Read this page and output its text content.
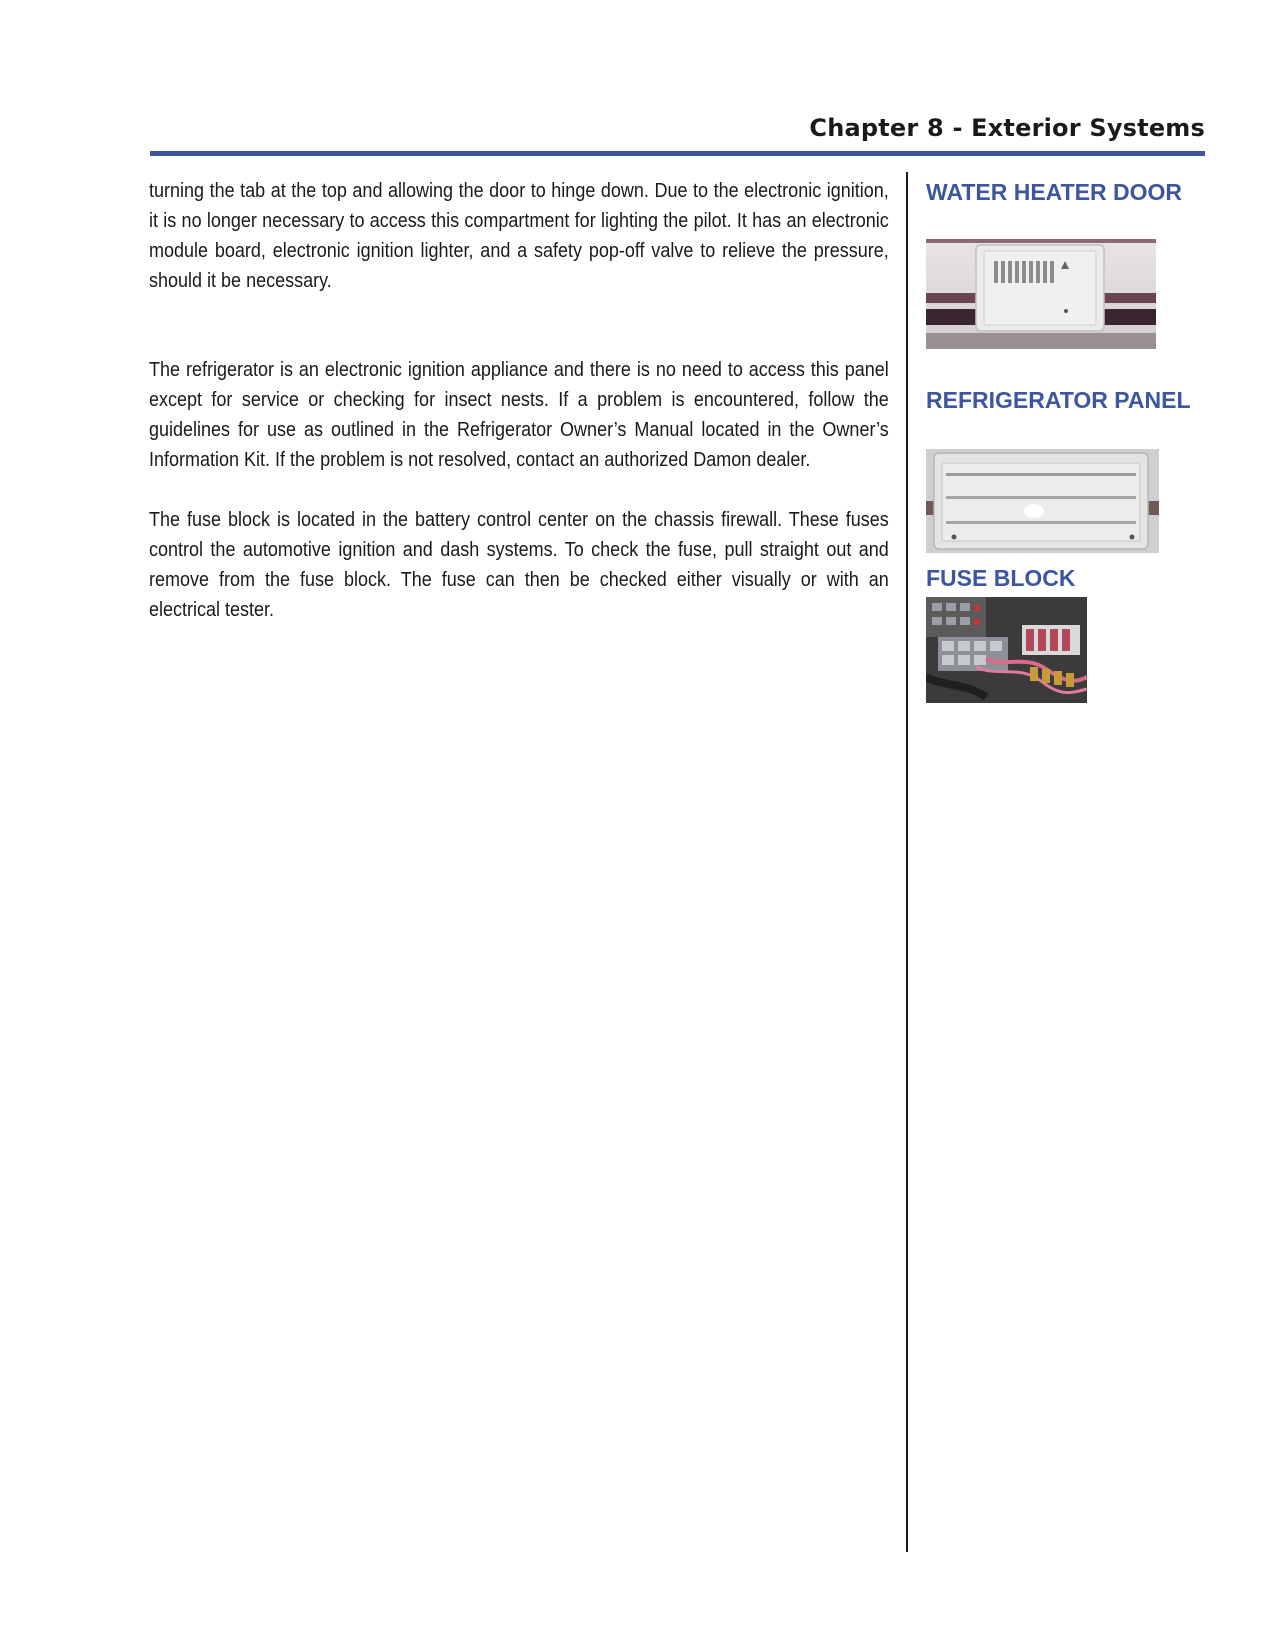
Chapter 8 - Exterior Systems

turning the tab at the top and allowing the door to hinge down. Due to the electronic ignition, it is no longer necessary to access this compartment for lighting the pilot. It has an electronic module board, electronic ignition lighter, and a safety pop-off valve to relieve the pressure, should it be necessary.

The refrigerator is an electronic ignition appliance and there is no need to access this panel except for service or checking for insect nests. If a problem is encountered, follow the guidelines for use as outlined in the Refrigerator Owner’s Manual located in the Owner’s Information Kit. If the problem is not resolved, contact an authorized Damon dealer.

The fuse block is located in the battery control center on the chassis firewall. These fuses control the automotive ignition and dash systems. To check the fuse, pull straight out and remove from the fuse block. The fuse can then be checked either visually or with an electrical tester.

WATER HEATER DOOR
REFRIGERATOR PANEL
FUSE BLOCK
